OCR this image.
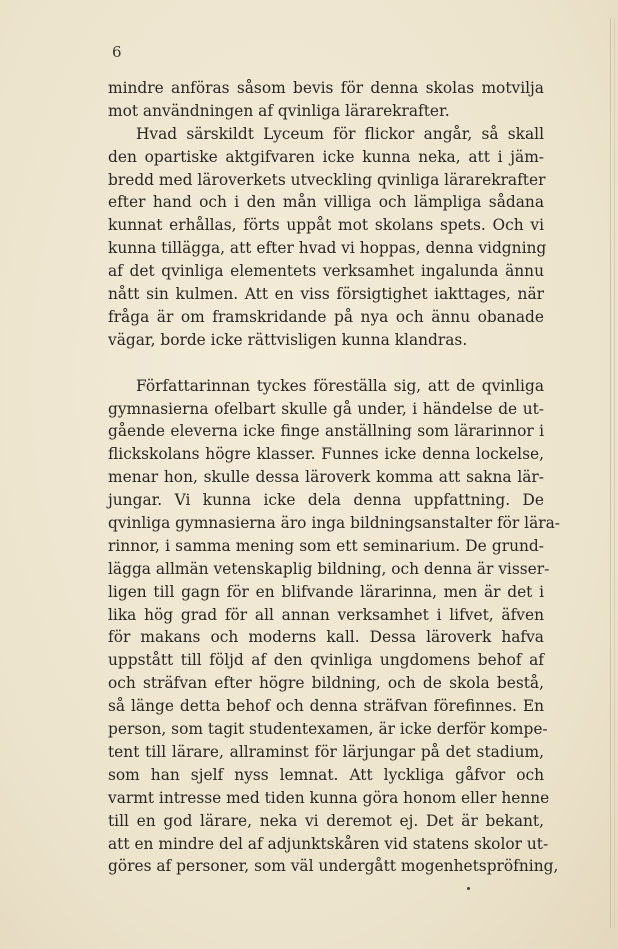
6
mindre anföras såsom bevis för denna skolas motvilja
mot användningen af qvinliga lärarekrafter.
Hvad särskildt Lyceum för flickor angår, så skall
den opartiske aktgifvaren icke kunna neka, att i jäm-
bredd med läroverkets utveckling qvinliga lärarekrafter
efter hand och i den mån villiga och lämpliga sådana
kunnat erhållas, förts uppåt mot skolans spets. Och vi
kunna tillägga, att efter hvad vi hoppas, denna vidgning
af det qvinliga elementets verksamhet ingalunda ännu
nått sin kulmen. Att en viss försigtighet iakttages, när
fråga är om framskridande på nya och ännu obanade
vägar, borde icke rättvisligen kunna klandras.
Författarinnan tyckes föreställa sig, att de qvinliga
gymnasierna ofelbart skulle gå under, i händelse de ut-
gående eleverna icke finge anställning som lärarinnor i
flickskolans högre klasser. Funnes icke denna lockelse,
menar hon, skulle dessa läroverk komma att sakna lär-
jungar. Vi kunna icke dela denna uppfattning. De
qvinliga gymnasierna äro inga bildningsanstalter för lära-
rinnor, i samma mening som ett seminarium. De grund-
lägga allmän vetenskaplig bildning, och denna är visser-
ligen till gagn för en blifvande lärarinna, men är det i
lika hög grad för all annan verksamhet i lifvet, äfven
för makans och moderns kall. Dessa läroverk hafva
uppstått till följd af den qvinliga ungdomens behof af
och sträfvan efter högre bildning, och de skola bestå,
så länge detta behof och denna sträfvan förefinnes. En
person, som tagit studentexamen, är icke derför kompe-
tent till lärare, allraminst för lärjungar på det stadium,
som han sjelf nyss lemnat. Att lyckliga gåfvor och
varmt intresse med tiden kunna göra honom eller henne
till en god lärare, neka vi deremot ej. Det är bekant,
att en mindre del af adjunktskåren vid statens skolor ut-
göres af personer, som väl undergått mogenhetspröfning,
